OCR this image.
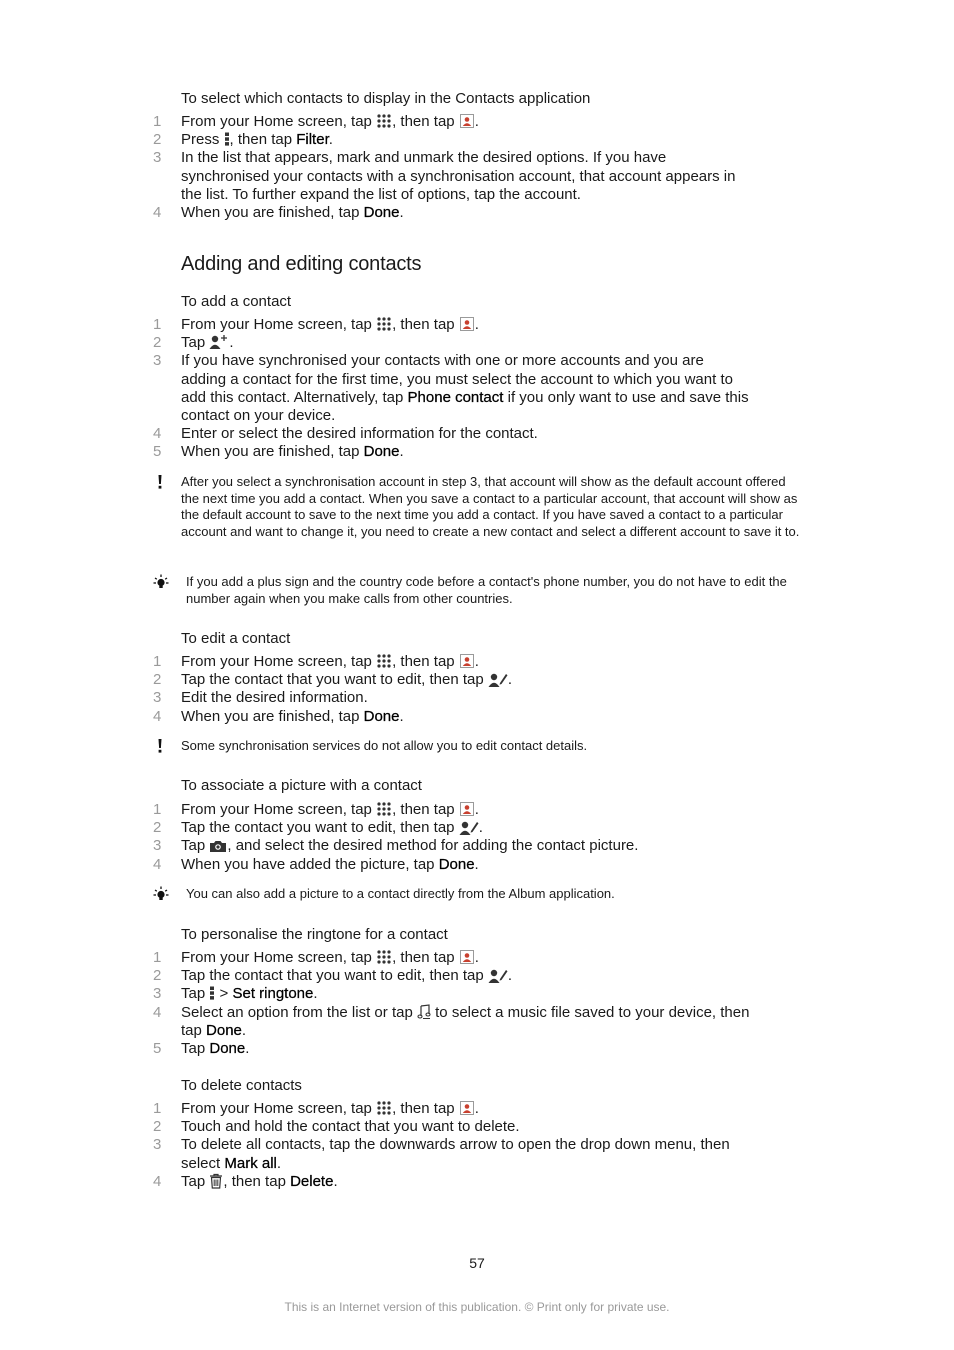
To select which contacts to display in the Contacts application
1	From your Home screen, tap , then tap .
2	Press , then tap Filter.
3	In the list that appears, mark and unmark the desired options. If you have synchronised your contacts with a synchronisation account, that account appears in the list. To further expand the list of options, tap the account.
4	When you are finished, tap Done.
Adding and editing contacts
To add a contact
1	From your Home screen, tap , then tap .
2	Tap .
3	If you have synchronised your contacts with one or more accounts and you are adding a contact for the first time, you must select the account to which you want to add this contact. Alternatively, tap Phone contact if you only want to use and save this contact on your device.
4	Enter or select the desired information for the contact.
5	When you are finished, tap Done.
After you select a synchronisation account in step 3, that account will show as the default account offered the next time you add a contact. When you save a contact to a particular account, that account will show as the default account to save to the next time you add a contact. If you have saved a contact to a particular account and want to change it, you need to create a new contact and select a different account to save it to.
If you add a plus sign and the country code before a contact's phone number, you do not have to edit the number again when you make calls from other countries.
To edit a contact
1	From your Home screen, tap , then tap .
2	Tap the contact that you want to edit, then tap .
3	Edit the desired information.
4	When you are finished, tap Done.
Some synchronisation services do not allow you to edit contact details.
To associate a picture with a contact
1	From your Home screen, tap , then tap .
2	Tap the contact you want to edit, then tap .
3	Tap , and select the desired method for adding the contact picture.
4	When you have added the picture, tap Done.
You can also add a picture to a contact directly from the Album application.
To personalise the ringtone for a contact
1	From your Home screen, tap , then tap .
2	Tap the contact that you want to edit, then tap .
3	Tap  > Set ringtone.
4	Select an option from the list or tap  to select a music file saved to your device, then tap Done.
5	Tap Done.
To delete contacts
1	From your Home screen, tap , then tap .
2	Touch and hold the contact that you want to delete.
3	To delete all contacts, tap the downwards arrow to open the drop down menu, then select Mark all.
4	Tap , then tap Delete.
57
This is an Internet version of this publication. © Print only for private use.
